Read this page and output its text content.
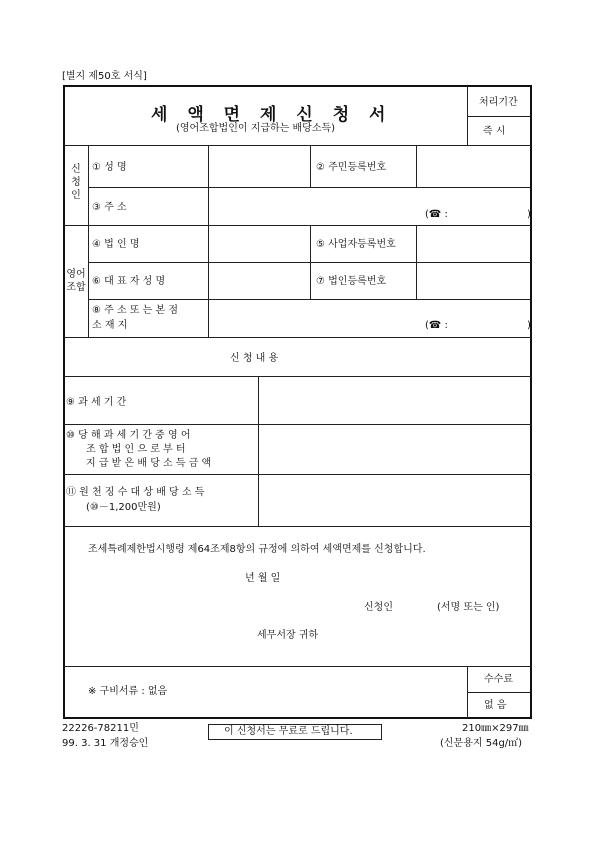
[별지 제50호 서식]
세 액 면 제 신 청 서
(영어조합법인이 지급하는 배당소득)
처리기간
즉 시
신
청
인
① 성 명	② 주민등록번호
③ 주 소
(☎ :	)
영어
조합
④ 법 인 명	⑤ 사업자등록번호
⑥ 대 표 자 성 명	⑦ 법인등록번호
⑧ 주 소 또 는 본 점
소 재 지	(☎ :	)
신 청 내 용
⑨ 과 세 기 간
⑩ 당 해 과 세 기 간 중 영 어
조 합 법 인 으 로 부 터
지 급 받 은 배 당 소 득 금 액
⑪ 원 천 징 수 대 상 배 당 소 득
(⑩－1,200만원)
조세특례제한법시행령 제64조제8항의 규정에 의하여 세액면제를 신청합니다.
년 월 일
신청인	(서명 또는 인)
세무서장 귀하
※ 구비서류 : 없음
수수료
없 음
22226-78211민
99. 3. 31 개정승인
이 신청서는 무료로 드립니다.	210㎜×297㎜
(신문용지 54g/㎡)
